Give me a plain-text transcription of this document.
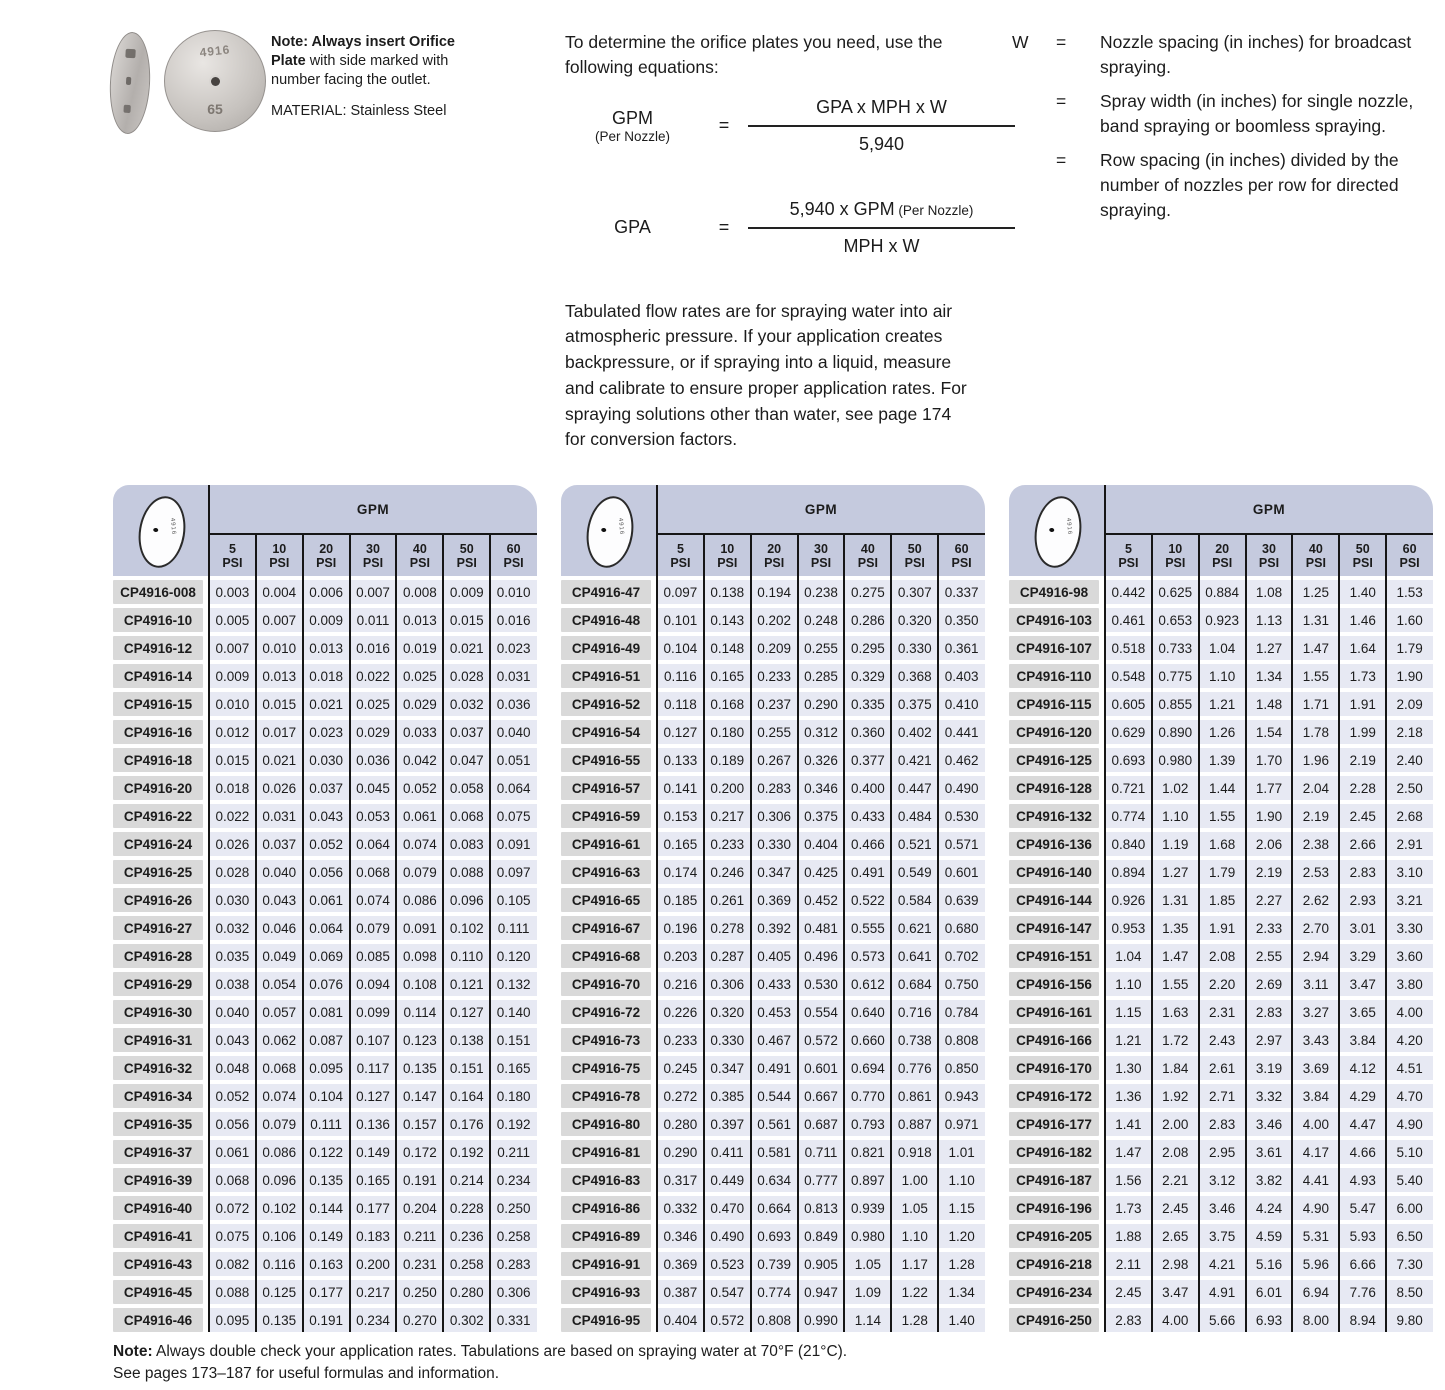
4916
65

Note: Always insert Orifice Plate with side marked with number facing the outlet.

MATERIAL: Stainless Steel

To determine the orifice plates you need, use the following equations:

GPM
(Per Nozzle)
=	$\frac{\text{GPA x MPH x W}}{5,940}$
GPA	=	$\frac{\text{5,940 x GPM (Per Nozzle)}}{\text{MPH x W}}$

Tabulated flow rates are for spraying water into air atmospheric pressure. If your application creates backpressure, or if spraying into a liquid, measure and calibrate to ensure proper application rates. For spraying solutions other than water, see page 174 for conversion factors.

W	=	Nozzle spacing (in inches) for broadcast spraying.
=	Spray width (in inches) for single nozzle, band spraying or boomless spraying.
=	Row spacing (in inches) divided by the number of nozzles per row for directed spraying.
4916
GPM
5
PSI
10
PSI
20
PSI
30
PSI
40
PSI
50
PSI
60
PSI
CP4916-008	0.003 0.004 0.006 0.007 0.008 0.009 0.010
CP4916-10	0.005 0.007 0.009	0.011	0.013 0.015 0.016
CP4916-12	0.007 0.010 0.013 0.016 0.019 0.021 0.023
CP4916-14	0.009 0.013 0.018 0.022 0.025 0.028 0.031
CP4916-15	0.010 0.015 0.021 0.025 0.029 0.032 0.036
CP4916-16	0.012 0.017 0.023 0.029 0.033 0.037 0.040
CP4916-18	0.015 0.021 0.030 0.036 0.042 0.047 0.051
CP4916-20	0.018 0.026 0.037 0.045 0.052 0.058 0.064
CP4916-22	0.022 0.031 0.043 0.053 0.061 0.068 0.075
CP4916-24	0.026 0.037 0.052 0.064 0.074 0.083 0.091
CP4916-25	0.028 0.040 0.056 0.068 0.079 0.088 0.097
CP4916-26	0.030 0.043 0.061 0.074 0.086 0.096 0.105
CP4916-27	0.032 0.046 0.064 0.079 0.091 0.102	0.111
CP4916-28	0.035 0.049 0.069 0.085 0.098	0.110	0.120
CP4916-29	0.038 0.054 0.076 0.094 0.108 0.121 0.132
CP4916-30	0.040 0.057 0.081 0.099	0.114	0.127 0.140
CP4916-31	0.043 0.062 0.087 0.107 0.123 0.138 0.151
CP4916-32	0.048 0.068 0.095	0.117	0.135 0.151 0.165
CP4916-34	0.052 0.074 0.104 0.127 0.147 0.164 0.180
CP4916-35	0.056 0.079	0.111	0.136 0.157 0.176 0.192
CP4916-37	0.061 0.086 0.122 0.149 0.172 0.192	0.211
CP4916-39	0.068 0.096 0.135 0.165 0.191 0.214 0.234
CP4916-40	0.072 0.102 0.144 0.177 0.204 0.228 0.250
CP4916-41	0.075 0.106 0.149 0.183	0.211	0.236 0.258
CP4916-43	0.082	0.116	0.163 0.200 0.231 0.258 0.283
CP4916-45	0.088 0.125 0.177 0.217 0.250 0.280 0.306
CP4916-46	0.095 0.135 0.191 0.234 0.270 0.302 0.331
4916
GPM
5
PSI
10
PSI
20
PSI
30
PSI
40
PSI
50
PSI
60
PSI
CP4916-47	0.097 0.138 0.194 0.238 0.275 0.307 0.337
CP4916-48	0.101 0.143 0.202 0.248 0.286 0.320 0.350
CP4916-49	0.104 0.148 0.209 0.255 0.295 0.330 0.361
CP4916-51	0.116	0.165 0.233 0.285 0.329 0.368 0.403
CP4916-52	0.118	0.168 0.237 0.290 0.335 0.375 0.410
CP4916-54	0.127 0.180 0.255 0.312 0.360 0.402 0.441
CP4916-55	0.133 0.189 0.267 0.326 0.377 0.421 0.462
CP4916-57	0.141 0.200 0.283 0.346 0.400 0.447 0.490
CP4916-59	0.153 0.217 0.306 0.375 0.433 0.484 0.530
CP4916-61	0.165 0.233 0.330 0.404 0.466 0.521 0.571
CP4916-63	0.174 0.246 0.347 0.425 0.491 0.549 0.601
CP4916-65	0.185 0.261 0.369 0.452 0.522 0.584 0.639
CP4916-67	0.196 0.278 0.392 0.481 0.555 0.621 0.680
CP4916-68	0.203 0.287 0.405 0.496 0.573 0.641 0.702
CP4916-70	0.216 0.306 0.433 0.530 0.612 0.684 0.750
CP4916-72	0.226 0.320 0.453 0.554 0.640 0.716 0.784
CP4916-73	0.233 0.330 0.467 0.572 0.660 0.738 0.808
CP4916-75	0.245 0.347 0.491 0.601 0.694 0.776 0.850
CP4916-78	0.272 0.385 0.544 0.667 0.770 0.861 0.943
CP4916-80	0.280 0.397 0.561 0.687 0.793 0.887 0.971
CP4916-81	0.290	0.411	0.581	0.711	0.821 0.918	1.01
CP4916-83	0.317 0.449 0.634 0.777 0.897	1.00	1.10
CP4916-86	0.332 0.470 0.664 0.813 0.939	1.05	1.15
CP4916-89	0.346 0.490 0.693 0.849 0.980	1.10	1.20
CP4916-91	0.369 0.523 0.739 0.905	1.05	1.17	1.28
CP4916-93	0.387 0.547 0.774 0.947	1.09	1.22	1.34
CP4916-95	0.404 0.572 0.808 0.990	1.14	1.28	1.40
4916
GPM
5
PSI
10
PSI
20
PSI
30
PSI
40
PSI
50
PSI
60
PSI
CP4916-98	0.442 0.625 0.884	1.08	1.25	1.40	1.53
CP4916-103	0.461 0.653 0.923	1.13	1.31	1.46	1.60
CP4916-107	0.518 0.733	1.04	1.27	1.47	1.64	1.79
CP4916-110	0.548 0.775	1.10	1.34	1.55	1.73	1.90
CP4916-115	0.605 0.855	1.21	1.48	1.71	1.91	2.09
CP4916-120	0.629 0.890	1.26	1.54	1.78	1.99	2.18
CP4916-125	0.693 0.980	1.39	1.70	1.96	2.19	2.40
CP4916-128	0.721	1.02	1.44	1.77	2.04	2.28	2.50
CP4916-132	0.774	1.10	1.55	1.90	2.19	2.45	2.68
CP4916-136	0.840	1.19	1.68	2.06	2.38	2.66	2.91
CP4916-140	0.894	1.27	1.79	2.19	2.53	2.83	3.10
CP4916-144	0.926	1.31	1.85	2.27	2.62	2.93	3.21
CP4916-147	0.953	1.35	1.91	2.33	2.70	3.01	3.30
CP4916-151	1.04	1.47	2.08	2.55	2.94	3.29	3.60
CP4916-156	1.10	1.55	2.20	2.69	3.11	3.47	3.80
CP4916-161	1.15	1.63	2.31	2.83	3.27	3.65	4.00
CP4916-166	1.21	1.72	2.43	2.97	3.43	3.84	4.20
CP4916-170	1.30	1.84	2.61	3.19	3.69	4.12	4.51
CP4916-172	1.36	1.92	2.71	3.32	3.84	4.29	4.70
CP4916-177	1.41	2.00	2.83	3.46	4.00	4.47	4.90
CP4916-182	1.47	2.08	2.95	3.61	4.17	4.66	5.10
CP4916-187	1.56	2.21	3.12	3.82	4.41	4.93	5.40
CP4916-196	1.73	2.45	3.46	4.24	4.90	5.47	6.00
CP4916-205	1.88	2.65	3.75	4.59	5.31	5.93	6.50
CP4916-218	2.11	2.98	4.21	5.16	5.96	6.66	7.30
CP4916-234	2.45	3.47	4.91	6.01	6.94	7.76	8.50
CP4916-250	2.83	4.00	5.66	6.93	8.00	8.94	9.80
Note: Always double check your application rates. Tabulations are based on spraying water at 70°F (21°C).
See pages 173–187 for useful formulas and information.
